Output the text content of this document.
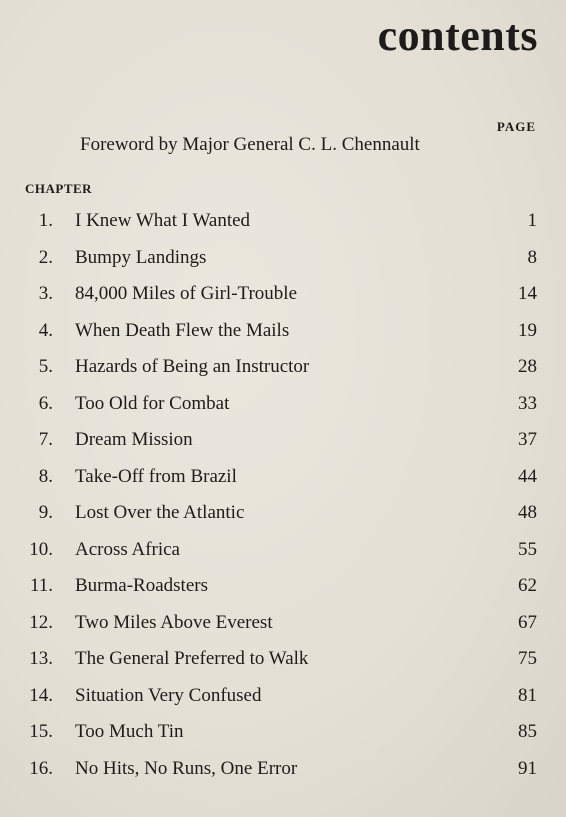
contents
PAGE
Foreword by Major General C. L. Chennault
CHAPTER
1. I Knew What I Wanted	1
2. Bumpy Landings	8
3. 84,000 Miles of Girl-Trouble	14
4. When Death Flew the Mails	19
5. Hazards of Being an Instructor	28
6. Too Old for Combat	33
7. Dream Mission	37
8. Take-Off from Brazil	44
9. Lost Over the Atlantic	48
10. Across Africa	55
11. Burma-Roadsters	62
12. Two Miles Above Everest	67
13. The General Preferred to Walk	75
14. Situation Very Confused	81
15. Too Much Tin	85
16. No Hits, No Runs, One Error	91
